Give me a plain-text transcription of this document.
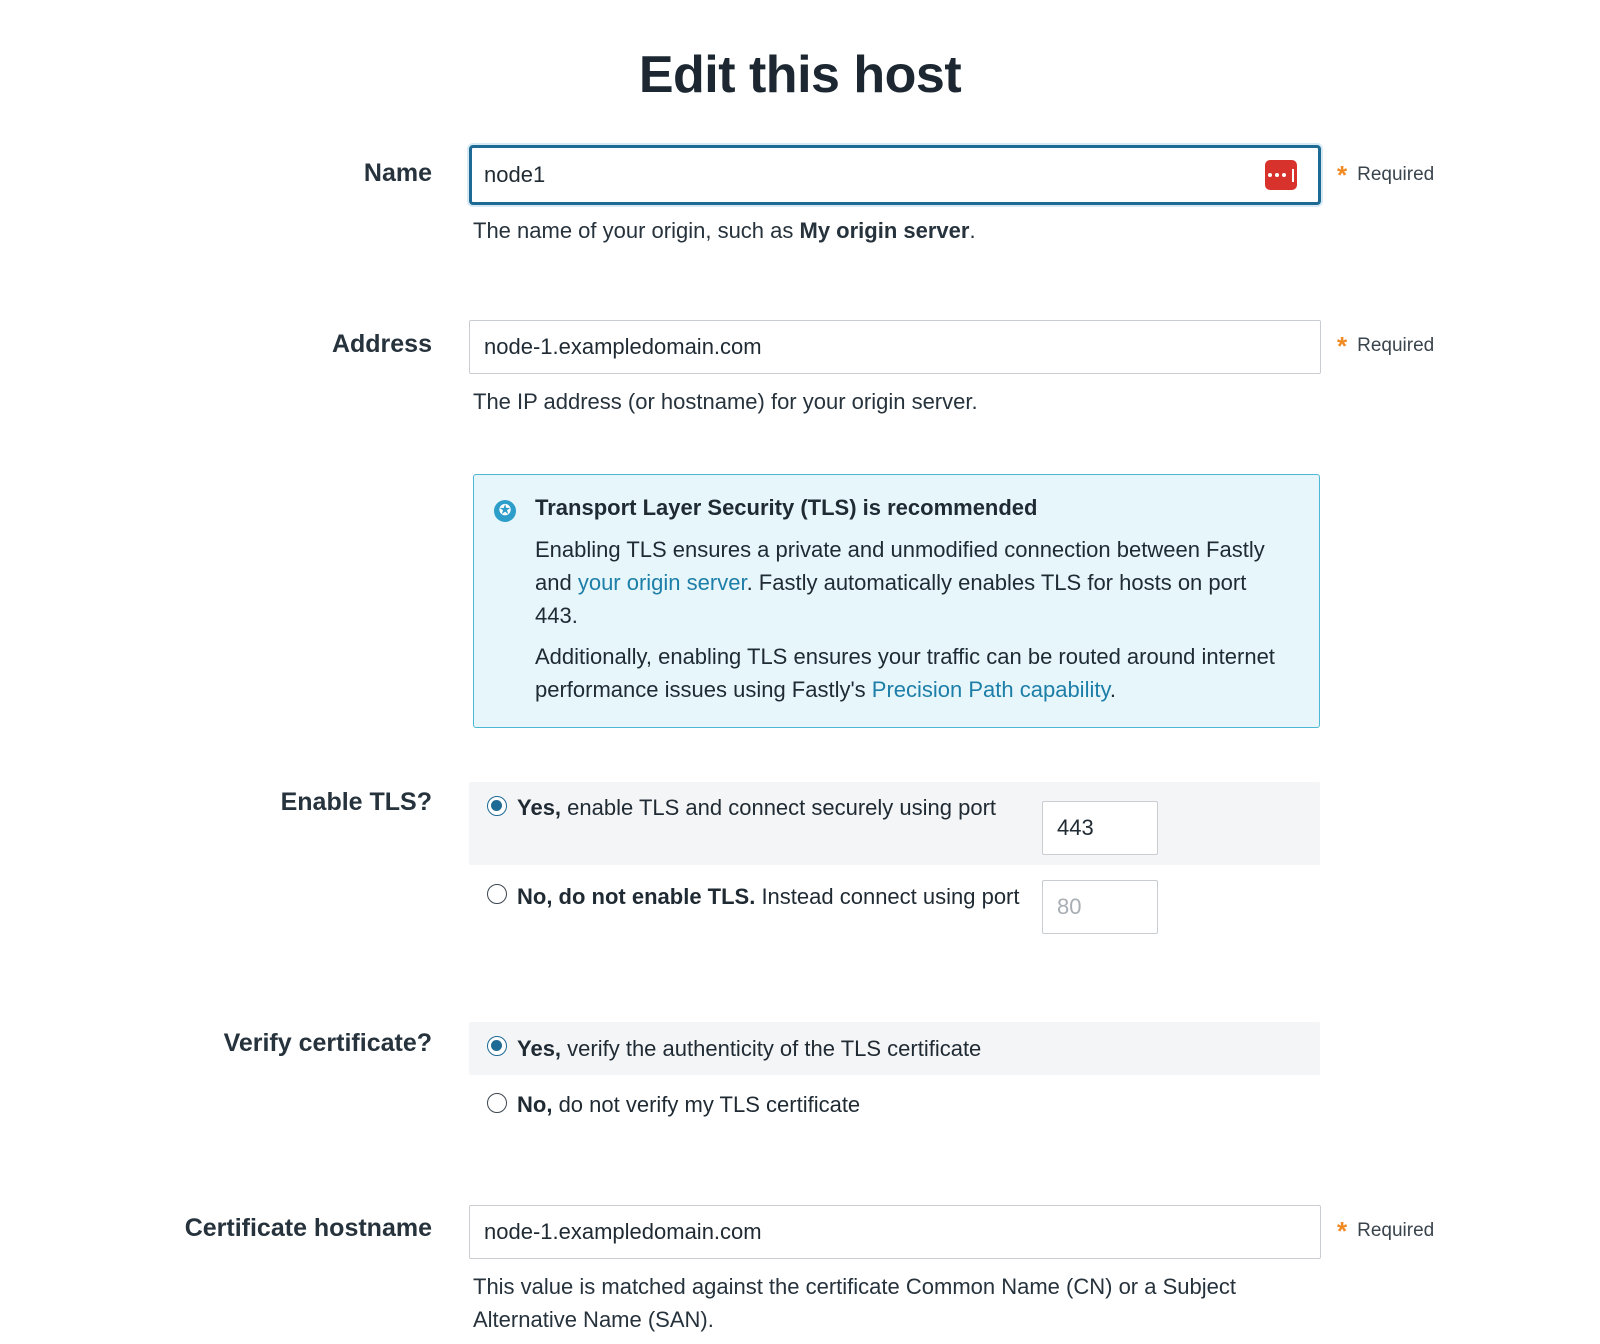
Edit this host
Name
node1	* Required
The name of your origin, such as My origin server.
Address
node-1.exampledomain.com	* Required
The IP address (or hostname) for your origin server.
✪ Transport Layer Security (TLS) is recommended
Enabling TLS ensures a private and unmodified connection between Fastly and your origin server. Fastly automatically enables TLS for hosts on port 443.
Additionally, enabling TLS ensures your traffic can be routed around internet performance issues using Fastly's Precision Path capability.
Enable TLS?	Yes, enable TLS and connect securely using port
443
No, do not enable TLS. Instead connect using port
80
Verify certificate?	Yes, verify the authenticity of the TLS certificate
No, do not verify my TLS certificate
Certificate hostname
node-1.exampledomain.com	* Required
This value is matched against the certificate Common Name (CN) or a Subject Alternative Name (SAN).
